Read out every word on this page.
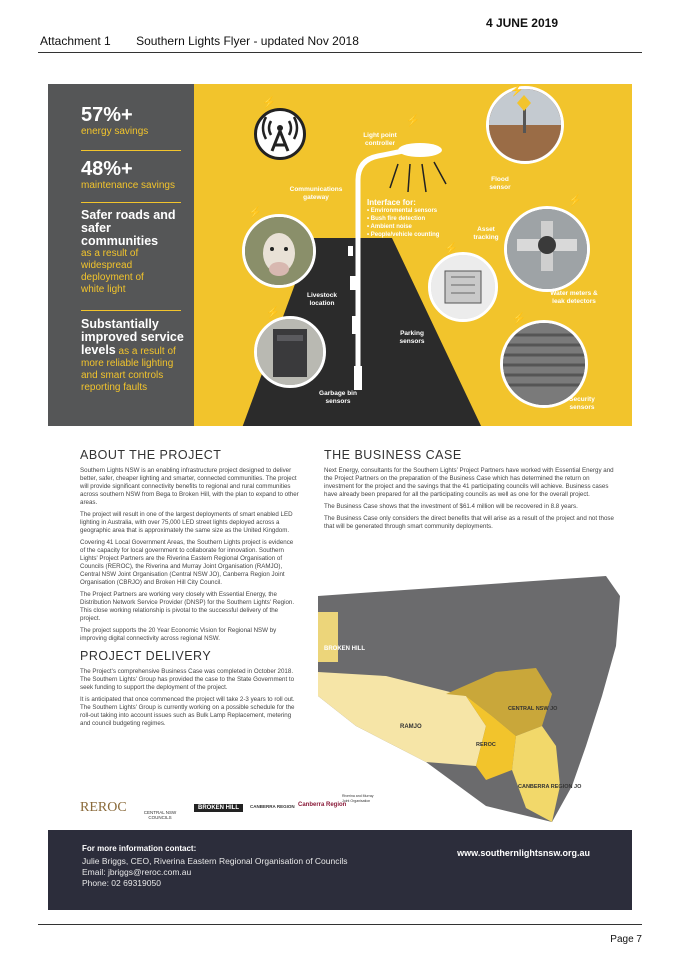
4 JUNE 2019
Attachment 1 Southern Lights Flyer - updated Nov 2018
57%+
energy savings
48%+
maintenance savings
Safer roads and safer communities
as a result of
widespread
deployment of
white light
Substantially
improved service
levels as a result of
more reliable lighting
and smart controls
reporting faults
Light point controller
Communications gateway
Livestock location
Garbage bin sensors
Parking sensors
Flood sensor
Asset tracking
Water meters & leak detectors
Security sensors
Interface for:
• Environmental sensors
• Bush fire detection
• Ambient noise
• People/vehicle counting
⚡
⚡
⚡
⚡
⚡
⚡
⚡
⚡
ABOUT THE PROJECT

Southern Lights NSW is an enabling infrastructure project designed to deliver better, safer, cheaper lighting and smarter, connected communities. The project will provide significant connectivity benefits to regional and rural communities across southern NSW from Bega to Broken Hill, with the plan to expand to other areas.

The project will result in one of the largest deployments of smart enabled LED lighting in Australia, with over 75,000 LED street lights deployed across a geographic area that is approximately the same size as the United Kingdom.

Covering 41 Local Government Areas, the Southern Lights project is evidence of the capacity for local government to collaborate for innovation. Southern Lights' Project Partners are the Riverina Eastern Regional Organisation of Councils (REROC), the Riverina and Murray Joint Organisation (RAMJO), Central NSW Joint Organisation (Central NSW JO), Canberra Region Joint Organisation (CBRJO) and Broken Hill City Council.

The Project Partners are working very closely with Essential Energy, the Distribution Network Service Provider (DNSP) for the Southern Lights' Region. This close working relationship is pivotal to the successful delivery of the project.

The project supports the 20 Year Economic Vision for Regional NSW by improving digital connectivity across regional NSW.

PROJECT DELIVERY

The Project's comprehensive Business Case was completed in October 2018. The Southern Lights' Group has provided the case to the State Government to seek funding to support the deployment of the project.

It is anticipated that once commenced the project will take 2-3 years to roll out. The Southern Lights' Group is currently working on a possible schedule for the roll-out taking into account issues such as Bulk Lamp Replacement, metering and council budgeting regimes.

THE BUSINESS CASE

Next Energy, consultants for the Southern Lights' Project Partners have worked with Essential Energy and the Project Partners on the preparation of the Business Case which has determined the return on investment for the project and the savings that the 41 participating councils will achieve. Business cases have already been prepared for all the participating councils as well as one for the overall project.

The Business Case shows that the investment of $61.4 million will be recovered in 8.8 years.

The Business Case only considers the direct benefits that will arise as a result of the project and not those that will be generated through smart community deployments.

BROKEN HILL
RAMJO
CENTRAL NSW JO
REROC
CANBERRA REGION JO
REROC	CENTRAL NSW COUNCILS
BROKEN HILL	CANBERRA REGION Canberra Region
Riverina and Murray Joint Organisation
For more information contact:
Julie Briggs, CEO, Riverina Eastern Regional Organisation of Councils
Email: jbriggs@reroc.com.au
Phone: 02 69319050
www.southernlightsnsw.org.au
Page 7
